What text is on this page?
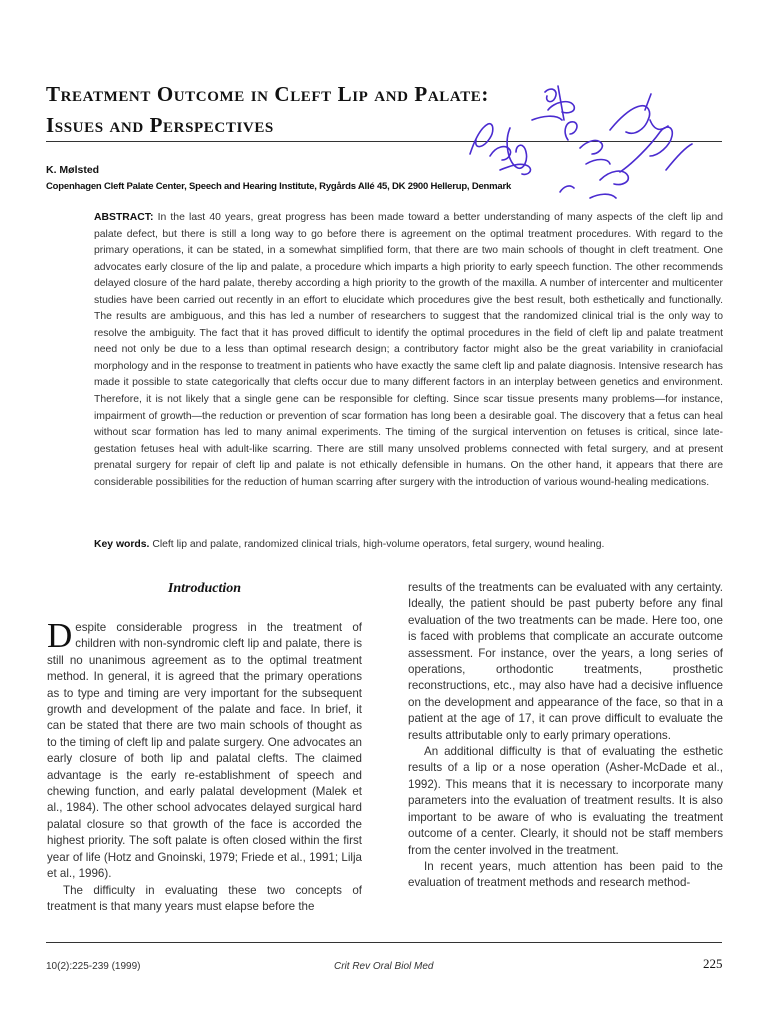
Treatment Outcome in Cleft Lip and Palate:
Issues and Perspectives
K. Mølsted
Copenhagen Cleft Palate Center, Speech and Hearing Institute, Rygårds Allé 45, DK 2900 Hellerup, Denmark

ABSTRACT: In the last 40 years, great progress has been made toward a better understanding of many aspects of the cleft lip and palate defect, but there is still a long way to go before there is agreement on the optimal treatment procedures. With regard to the primary operations, it can be stated, in a somewhat simplified form, that there are two main schools of thought in cleft treatment. One advocates early closure of the lip and palate, a procedure which imparts a high priority to early speech function. The other recommends delayed closure of the hard palate, thereby according a high priority to the growth of the maxilla. A number of intercenter and multicenter studies have been carried out recently in an effort to elucidate which procedures give the best result, both esthetically and functionally. The results are ambiguous, and this has led a number of researchers to suggest that the randomized clinical trial is the only way to resolve the ambiguity. The fact that it has proved difficult to identify the optimal procedures in the field of cleft lip and palate treatment need not only be due to a less than optimal research design; a contributory factor might also be the great variability in craniofacial morphology and in the response to treatment in patients who have exactly the same cleft lip and palate diagnosis. Intensive research has made it possible to state categorically that clefts occur due to many different factors in an interplay between genetics and environment. Therefore, it is not likely that a single gene can be responsible for clefting. Since scar tissue presents many problems—for instance, impairment of growth—the reduction or prevention of scar formation has long been a desirable goal. The discovery that a fetus can heal without scar formation has led to many animal experiments. The timing of the surgical intervention on fetuses is critical, since late-gestation fetuses heal with adult-like scarring. There are still many unsolved problems connected with fetal surgery, and at present prenatal surgery for repair of cleft lip and palate is not ethically defensible in humans. On the other hand, it appears that there are considerable possibilities for the reduction of human scarring after surgery with the introduction of various wound-healing medications.

Key words. Cleft lip and palate, randomized clinical trials, high-volume operators, fetal surgery, wound healing.

Introduction

D espite considerable progress in the treatment of children with non-syndromic cleft lip and palate, there is still no unanimous agreement as to the optimal treatment method. In general, it is agreed that the primary operations as to type and timing are very important for the subsequent growth and development of the palate and face. In brief, it can be stated that there are two main schools of thought as to the timing of cleft lip and palate surgery. One advocates an early closure of both lip and palatal clefts. The claimed advantage is the early re-establishment of speech and chewing function, and early palatal development (Malek et al., 1984). The other school advocates delayed surgical hard palatal closure so that growth of the face is accorded the highest priority. The soft palate is often closed within the first year of life (Hotz and Gnoinski, 1979; Friede et al., 1991; Lilja et al., 1996).

The difficulty in evaluating these two concepts of treatment is that many years must elapse before the

results of the treatments can be evaluated with any certainty. Ideally, the patient should be past puberty before any final evaluation of the two treatments can be made. Here too, one is faced with problems that complicate an accurate outcome assessment. For instance, over the years, a long series of operations, orthodontic treatments, prosthetic reconstructions, etc., may also have had a decisive influence on the development and appearance of the face, so that in a patient at the age of 17, it can prove difficult to evaluate the results attributable only to early primary operations.

An additional difficulty is that of evaluating the esthetic results of a lip or a nose operation (Asher-McDade et al., 1992). This means that it is necessary to incorporate many parameters into the evaluation of treatment results. It is also important to be aware of who is evaluating the treatment outcome of a center. Clearly, it should not be staff members from the center involved in the treatment.

In recent years, much attention has been paid to the evaluation of treatment methods and research method-

10(2):225-239 (1999)	Crit Rev Oral Biol Med	225
